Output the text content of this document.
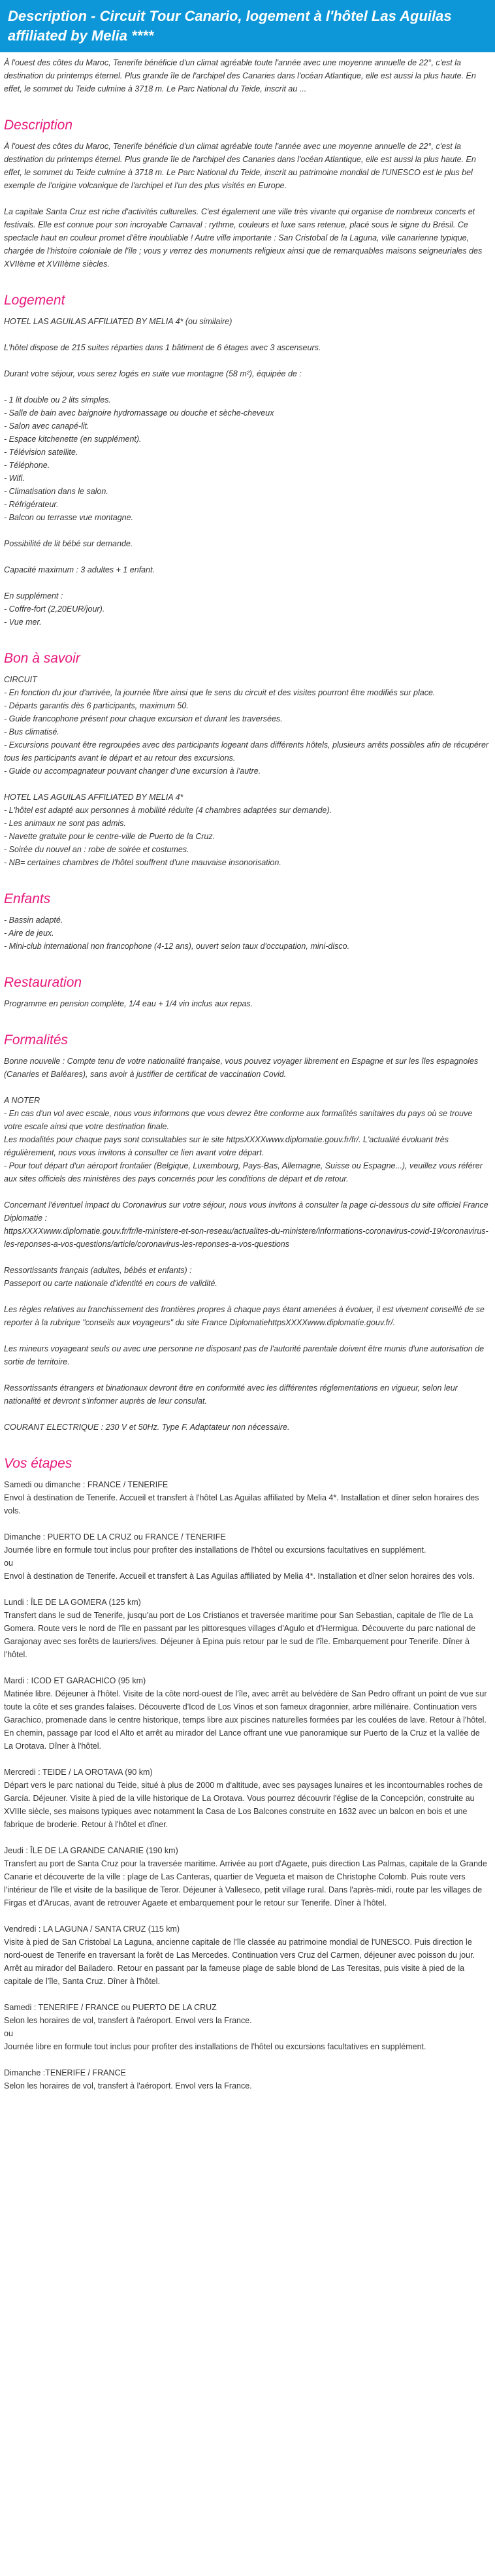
Description - Circuit Tour Canario, logement à l'hôtel Las Aguilas affiliated by Melia ****

À l'ouest des côtes du Maroc, Tenerife bénéficie d'un climat agréable toute l'année avec une moyenne annuelle de 22°, c'est la destination du printemps éternel. Plus grande île de l'archipel des Canaries dans l'océan Atlantique, elle est aussi la plus haute. En effet, le sommet du Teide culmine à 3718 m. Le Parc National du Teide, inscrit au ...

Description

À l'ouest des côtes du Maroc, Tenerife bénéficie d'un climat agréable toute l'année avec une moyenne annuelle de 22°, c'est la destination du printemps éternel. Plus grande île de l'archipel des Canaries dans l'océan Atlantique, elle est aussi la plus haute. En effet, le sommet du Teide culmine à 3718 m. Le Parc National du Teide, inscrit au patrimoine mondial de l'UNESCO est le plus bel exemple de l'origine volcanique de l'archipel et l'un des plus visités en Europe.

La capitale Santa Cruz est riche d'activités culturelles. C'est également une ville très vivante qui organise de nombreux concerts et festivals. Elle est connue pour son incroyable Carnaval : rythme, couleurs et luxe sans retenue, placé sous le signe du Brésil. Ce spectacle haut en couleur promet d'être inoubliable ! Autre ville importante : San Cristobal de la Laguna, ville canarienne typique, chargée de l'histoire coloniale de l'île ; vous y verrez des monuments religieux ainsi que de remarquables maisons seigneuriales des XVIIème et XVIIIème siècles.

Logement

HOTEL LAS AGUILAS AFFILIATED BY MELIA 4* (ou similaire)

L'hôtel dispose de 215 suites réparties dans 1 bâtiment de 6 étages avec 3 ascenseurs.

Durant votre séjour, vous serez logés en suite vue montagne (58 m²), équipée de :

- 1 lit double ou 2 lits simples.

- Salle de bain avec baignoire hydromassage ou douche et sèche-cheveux

- Salon avec canapé-lit.

- Espace kitchenette (en supplément).

- Télévision satellite.

- Téléphone.

- Wifi.

- Climatisation dans le salon.

- Réfrigérateur.

- Balcon ou terrasse vue montagne.

Possibilité de lit bébé sur demande.

Capacité maximum : 3 adultes + 1 enfant.

En supplément :

- Coffre-fort (2,20EUR/jour).

- Vue mer.

Bon à savoir

CIRCUIT

- En fonction du jour d'arrivée, la journée libre ainsi que le sens du circuit et des visites pourront être modifiés sur place.

- Départs garantis dès 6 participants, maximum 50.

- Guide francophone présent pour chaque excursion et durant les traversées.

- Bus climatisé.

- Excursions pouvant être regroupées avec des participants logeant dans différents hôtels, plusieurs arrêts possibles afin de récupérer tous les participants avant le départ et au retour des excursions.

- Guide ou accompagnateur pouvant changer d'une excursion à l'autre.

HOTEL LAS AGUILAS AFFILIATED BY MELIA 4*

- L'hôtel est adapté aux personnes à mobilité réduite (4 chambres adaptées sur demande).

- Les animaux ne sont pas admis.

- Navette gratuite pour le centre-ville de Puerto de la Cruz.

- Soirée du nouvel an : robe de soirée et costumes.

- NB= certaines chambres de l'hôtel souffrent d'une mauvaise insonorisation.

Enfants

- Bassin adapté.

- Aire de jeux.

- Mini-club international non francophone (4-12 ans), ouvert selon taux d'occupation, mini-disco.

Restauration

Programme en pension complète, 1/4 eau + 1/4 vin inclus aux repas.

Formalités

Bonne nouvelle : Compte tenu de votre nationalité française, vous pouvez voyager librement en Espagne et sur les îles espagnoles (Canaries et Baléares), sans avoir à justifier de certificat de vaccination Covid.

A NOTER

- En cas d'un vol avec escale, nous vous informons que vous devrez être conforme aux formalités sanitaires du pays où se trouve votre escale ainsi que votre destination finale.

Les modalités pour chaque pays sont consultables sur le site httpsXXXXwww.diplomatie.gouv.fr/fr/. L'actualité évoluant très régulièrement, nous vous invitons à consulter ce lien avant votre départ.

- Pour tout départ d'un aéroport frontalier (Belgique, Luxembourg, Pays-Bas, Allemagne, Suisse ou Espagne...), veuillez vous référer aux sites officiels des ministères des pays concernés pour les conditions de départ et de retour.

Concernant l'éventuel impact du Coronavirus sur votre séjour, nous vous invitons à consulter la page ci-dessous du site officiel France Diplomatie :

httpsXXXXwww.diplomatie.gouv.fr/fr/le-ministere-et-son-reseau/actualites-du-ministere/informations-coronavirus-covid-19/coronavirus-les-reponses-a-vos-questions/article/coronavirus-les-reponses-a-vos-questions

Ressortissants français (adultes, bébés et enfants) :

Passeport ou carte nationale d'identité en cours de validité.

Les règles relatives au franchissement des frontières propres à chaque pays étant amenées à évoluer, il est vivement conseillé de se reporter à la rubrique "conseils aux voyageurs" du site France DiplomatiehttpsXXXXwww.diplomatie.gouv.fr/.

Les mineurs voyageant seuls ou avec une personne ne disposant pas de l'autorité parentale doivent être munis d'une autorisation de sortie de territoire.

Ressortissants étrangers et binationaux devront être en conformité avec les différentes réglementations en vigueur, selon leur nationalité et devront s'informer auprès de leur consulat.

COURANT ELECTRIQUE : 230 V et 50Hz. Type F. Adaptateur non nécessaire.

Vos étapes

Samedi ou dimanche : FRANCE / TENERIFE

Envol à destination de Tenerife. Accueil et transfert à l'hôtel Las Aguilas affiliated by Melia 4*. Installation et dîner selon horaires des vols.

Dimanche : PUERTO DE LA CRUZ ou FRANCE / TENERIFE

Journée libre en formule tout inclus pour profiter des installations de l'hôtel ou excursions facultatives en supplément.

ou

Envol à destination de Tenerife. Accueil et transfert à Las Aguilas affiliated by Melia 4*. Installation et dîner selon horaires des vols.

Lundi : ÎLE DE LA GOMERA (125 km)

Transfert dans le sud de Tenerife, jusqu'au port de Los Cristianos et traversée maritime pour San Sebastian, capitale de l'île de La Gomera. Route vers le nord de l'île en passant par les pittoresques villages d'Agulo et d'Hermigua. Découverte du parc national de Garajonay avec ses forêts de lauriers/ives. Déjeuner à Epina puis retour par le sud de l'île. Embarquement pour Tenerife. Dîner à l'hôtel.

Mardi : ICOD ET GARACHICO (95 km)

Matinée libre. Déjeuner à l'hôtel. Visite de la côte nord-ouest de l'île, avec arrêt au belvédère de San Pedro offrant un point de vue sur toute la côte et ses grandes falaises. Découverte d'Icod de Los Vinos et son fameux dragonnier, arbre millénaire. Continuation vers Garachico, promenade dans le centre historique, temps libre aux piscines naturelles formées par les coulées de lave. Retour à l'hôtel. En chemin, passage par Icod el Alto et arrêt au mirador del Lance offrant une vue panoramique sur Puerto de la Cruz et la vallée de La Orotava. Dîner à l'hôtel.

Mercredi : TEIDE / LA OROTAVA (90 km)

Départ vers le parc national du Teide, situé à plus de 2000 m d'altitude, avec ses paysages lunaires et les incontournables roches de García. Déjeuner. Visite à pied de la ville historique de La Orotava. Vous pourrez découvrir l'église de la Concepción, construite au XVIIIe siècle, ses maisons typiques avec notamment la Casa de Los Balcones construite en 1632 avec un balcon en bois et une fabrique de broderie. Retour à l'hôtel et dîner.

Jeudi : ÎLE DE LA GRANDE CANARIE (190 km)

Transfert au port de Santa Cruz pour la traversée maritime. Arrivée au port d'Agaete, puis direction Las Palmas, capitale de la Grande Canarie et découverte de la ville : plage de Las Canteras, quartier de Vegueta et maison de Christophe Colomb. Puis route vers l'intérieur de l'île et visite de la basilique de Teror. Déjeuner à Valleseco, petit village rural. Dans l'après-midi, route par les villages de Firgas et d'Arucas, avant de retrouver Agaete et embarquement pour le retour sur Tenerife. Dîner à l'hôtel.

Vendredi : LA LAGUNA / SANTA CRUZ (115 km)

Visite à pied de San Cristobal La Laguna, ancienne capitale de l'île classée au patrimoine mondial de l'UNESCO. Puis direction le nord-ouest de Tenerife en traversant la forêt de Las Mercedes. Continuation vers Cruz del Carmen, déjeuner avec poisson du jour. Arrêt au mirador del Bailadero. Retour en passant par la fameuse plage de sable blond de Las Teresitas, puis visite à pied de la capitale de l'île, Santa Cruz. Dîner à l'hôtel.

Samedi : TENERIFE / FRANCE ou PUERTO DE LA CRUZ

Selon les horaires de vol, transfert à l'aéroport. Envol vers la France.

ou

Journée libre en formule tout inclus pour profiter des installations de l'hôtel ou excursions facultatives en supplément.

Dimanche :TENERIFE / FRANCE

Selon les horaires de vol, transfert à l'aéroport. Envol vers la France.
